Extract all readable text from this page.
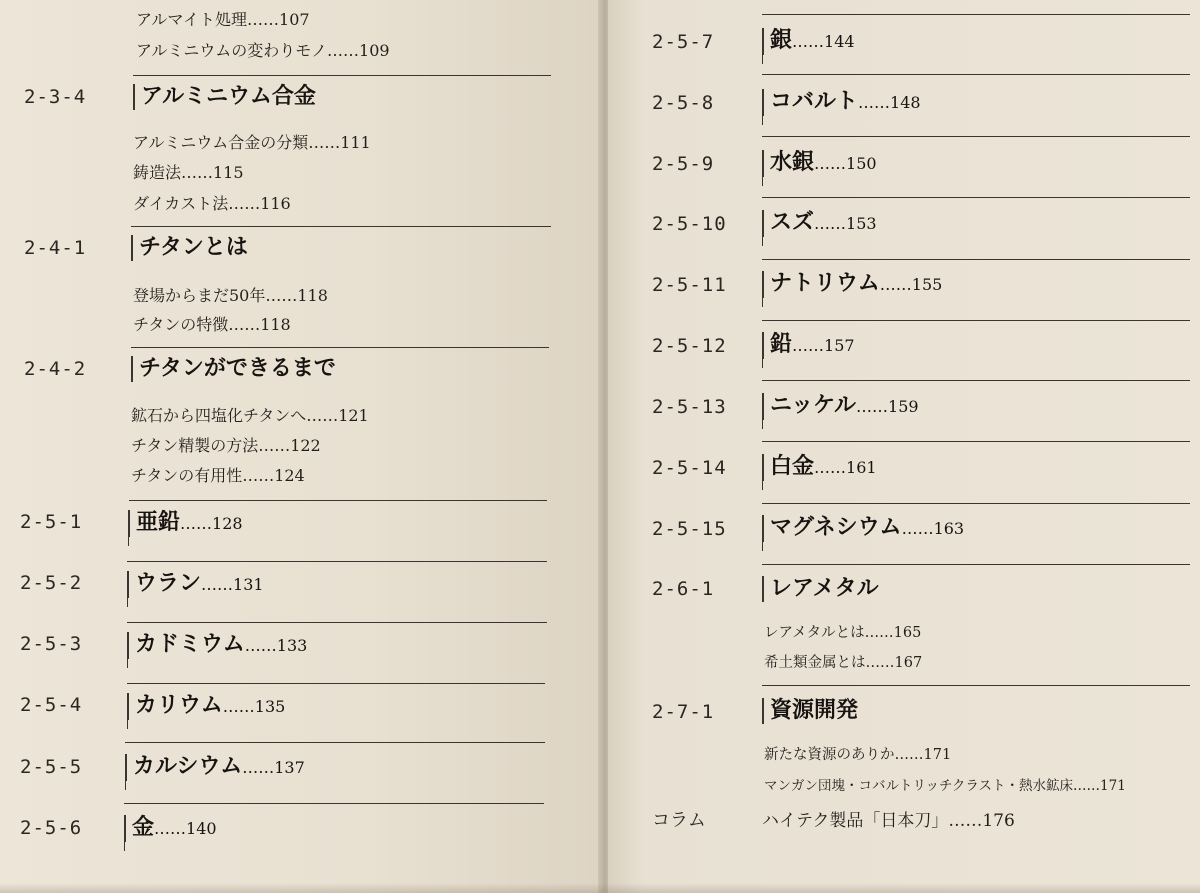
アルマイト処理……107
アルミニウムの変わりモノ……109
2-3-4	アルミニウム合金
アルミニウム合金の分類……111
鋳造法……115
ダイカスト法……116
2-4-1	チタンとは
登場からまだ50年……118
チタンの特徴……118
2-4-2	チタンができるまで
鉱石から四塩化チタンへ……121
チタン精製の方法……122
チタンの有用性……124
2-5-1	亜鉛……128
2-5-2	ウラン……131
2-5-3	カドミウム……133
2-5-4	カリウム……135
2-5-5	カルシウム……137
2-5-6	金……140
2-5-7	銀……144
2-5-8	コバルト……148
2-5-9	水銀……150
2-5-10	スズ……153
2-5-11	ナトリウム……155
2-5-12	鉛……157
2-5-13	ニッケル……159
2-5-14	白金……161
2-5-15	マグネシウム……163
2-6-1	レアメタル
レアメタルとは……165
希土類金属とは……167
2-7-1	資源開発
新たな資源のありか……171
マンガン団塊・コバルトリッチクラスト・熱水鉱床……171
コラム	ハイテク製品「日本刀」……176
